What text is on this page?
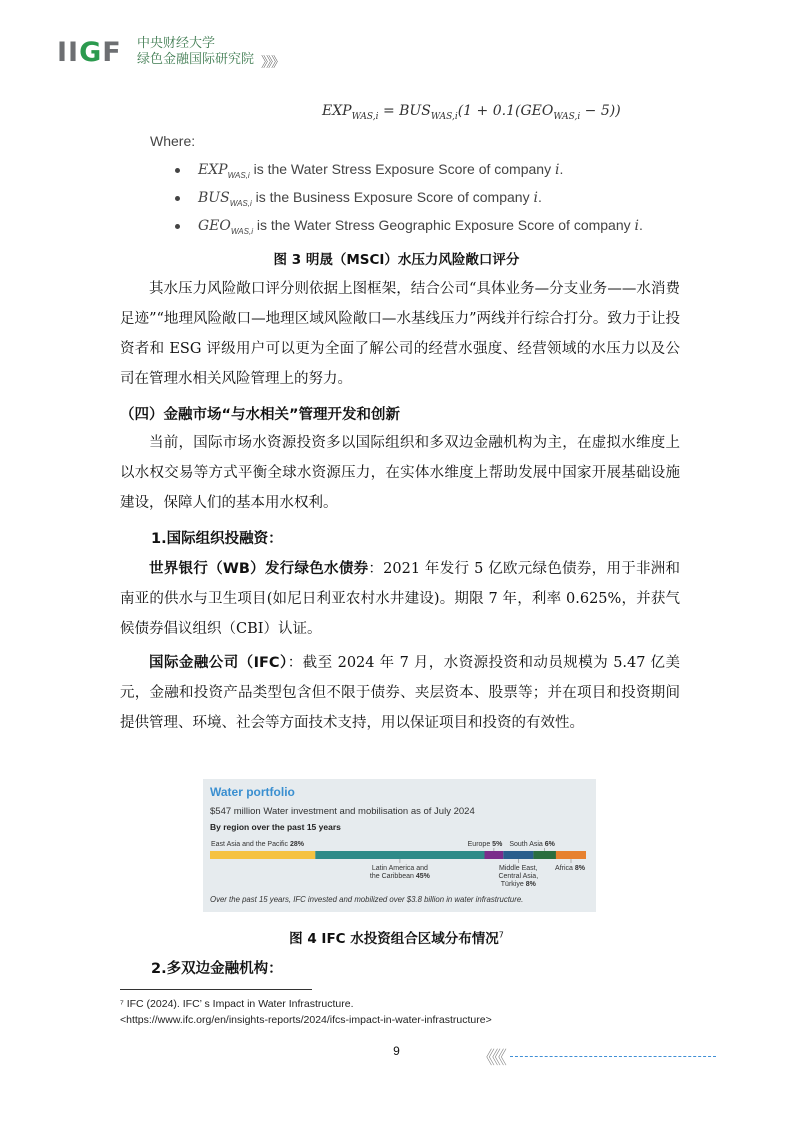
IIGF 中央财经大学
绿色金融国际研究院 》》》
$EXP_{WAS,i} = BUS_{WAS,i}(1 + 0.1(GEO_{WAS,i} - 5))$
Where:
$EXP_{WAS,i}$ is the Water Stress Exposure Score of company i.
$BUS_{WAS,i}$ is the Business Exposure Score of company i.
$GEO_{WAS,i}$ is the Water Stress Geographic Exposure Score of company i.
图 3 明晟（MSCI）水压力风险敞口评分

其水压力风险敞口评分则依据上图框架，结合公司“具体业务—分支业务——水消费足迹”“地理风险敞口—地理区域风险敞口—水基线压力”两线并行综合打分。致力于让投资者和 ESG 评级用户可以更为全面了解公司的经营水强度、经营领域的水压力以及公司在管理水相关风险管理上的努力。

（四）金融市场“与水相关”管理开发和创新

当前，国际市场水资源投资多以国际组织和多双边金融机构为主，在虚拟水维度上以水权交易等方式平衡全球水资源压力，在实体水维度上帮助发展中国家开展基础设施建设，保障人们的基本用水权利。

1.国际组织投融资：

世界银行（WB）发行绿色水债券：2021 年发行 5 亿欧元绿色债券，用于非洲和南亚的供水与卫生项目(如尼日利亚农村水井建设)。期限 7 年，利率 0.625%，并获气候债券倡议组织（CBI）认证。

国际金融公司（IFC）：截至 2024 年 7 月，水资源投资和动员规模为 5.47 亿美元，金融和投资产品类型包含但不限于债券、夹层资本、股票等；并在项目和投资期间提供管理、环境、社会等方面技术支持，用以保证项目和投资的有效性。

Water portfolio
$547 million Water investment and mobilisation as of July 2024
By region over the past 15 years
East Asia and the Pacific 28%
Latin America and the Caribbean 45%
Europe 5%
Middle East, Central Asia, Türkiye 8%
South Asia 6%
Africa 8%
Over the past 15 years, IFC invested and mobilized over $3.8 billion in water infrastructure.
图 4 IFC 水投资组合区域分布情况$^7$
2.多双边金融机构：
⁷ IFC (2024). IFC’ s Impact in Water Infrastructure.
<https://www.ifc.org/en/insights-reports/2024/ifcs-impact-in-water-infrastructure>
9	《《《
